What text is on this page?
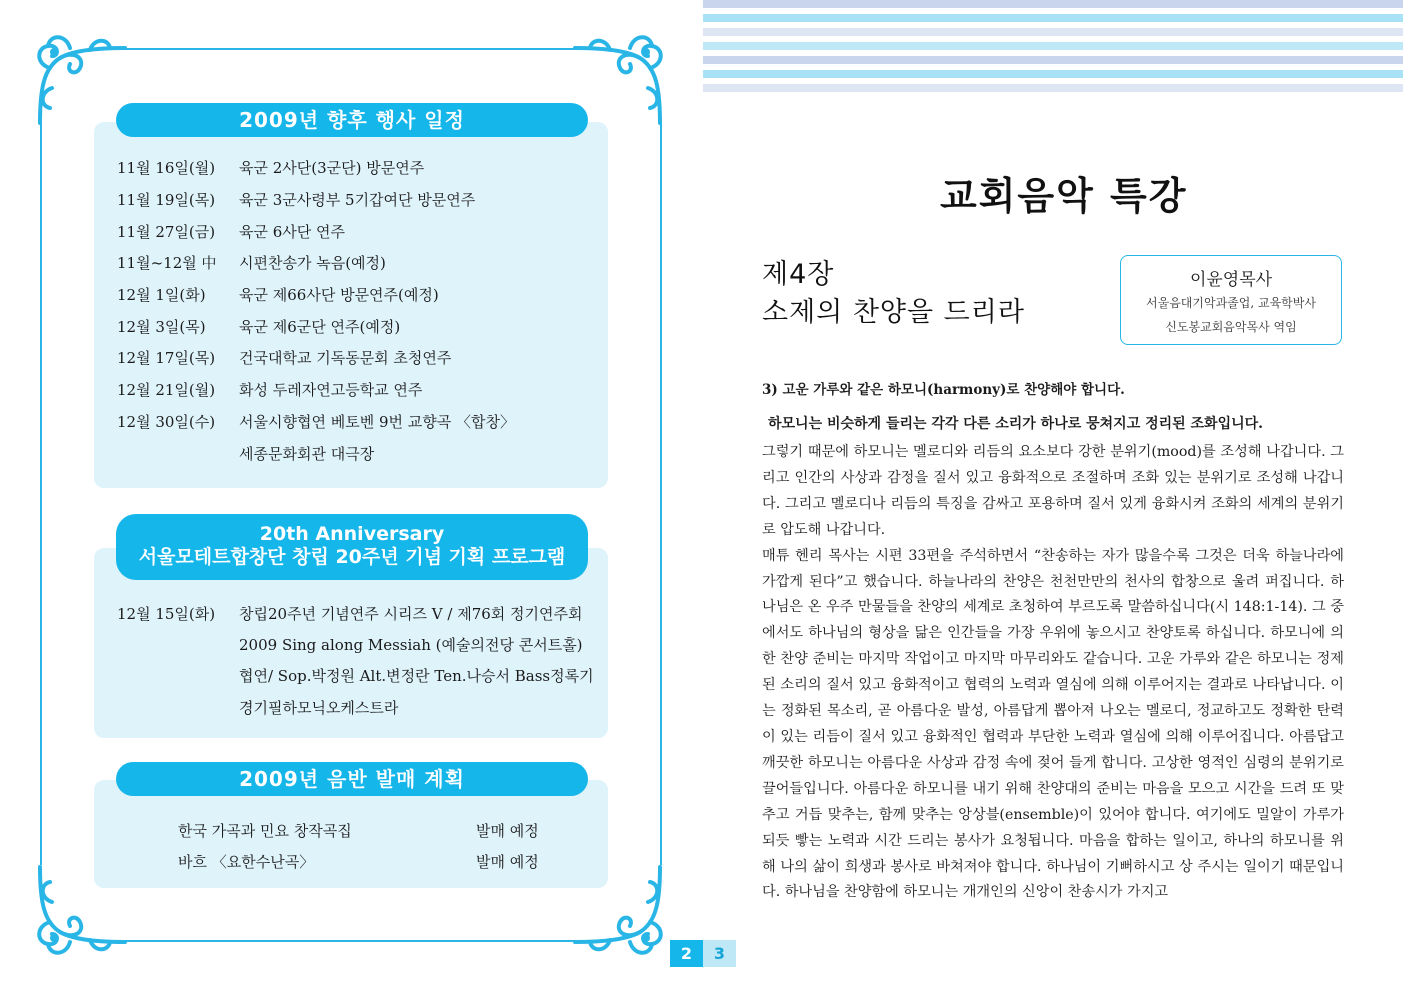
2009년 향후 행사 일정
11월 16일(월)	육군 2사단(3군단) 방문연주
11월 19일(목)	육군 3군사령부 5기갑여단 방문연주
11월 27일(금)	육군 6사단 연주
11월~12월 中	시편찬송가 녹음(예정)
12월 1일(화)	육군 제66사단 방문연주(예정)
12월 3일(목)	육군 제6군단 연주(예정)
12월 17일(목)	건국대학교 기독동문회 초청연주
12월 21일(월)	화성 두레자연고등학교 연주
12월 30일(수)	서울시향협연 베토벤 9번 교향곡 〈합창〉
세종문화회관 대극장
20th Anniversary
서울모테트합창단 창립 20주년 기념 기획 프로그램
12월 15일(화)	창립20주년 기념연주 시리즈 V / 제76회 정기연주회
2009 Sing along Messiah (예술의전당 콘서트홀)
협연/ Sop.박정원 Alt.변정란 Ten.나승서 Bass정록기
경기필하모닉오케스트라
2009년 음반 발매 계획
한국 가곡과 민요 창작곡집	발매 예정
바흐 〈요한수난곡〉	발매 예정
2	3
교회음악 특강
제4장
소제의 찬양을 드리라
이윤영목사
서울음대기악과졸업, 교육학박사
신도봉교회음악목사 역임
3) 고운 가루와 같은 하모니(harmony)로 찬양해야 합니다.
하모니는 비슷하게 들리는 각각 다른 소리가 하나로 뭉쳐지고 정리된 조화입니다.

그렇기 때문에 하모니는 멜로디와 리듬의 요소보다 강한 분위기(mood)를 조성해 나갑니다. 그리고 인간의 사상과 감정을 질서 있고 융화적으로 조절하며 조화 있는 분위기로 조성해 나갑니다. 그리고 멜로디나 리듬의 특징을 감싸고 포용하며 질서 있게 융화시켜 조화의 세계의 분위기로 압도해 나갑니다.

매튜 헨리 목사는 시편 33편을 주석하면서 “찬송하는 자가 많을수록 그것은 더욱 하늘나라에 가깝게 된다”고 했습니다. 하늘나라의 찬양은 천천만만의 천사의 합창으로 울려 퍼집니다. 하나님은 온 우주 만물들을 찬양의 세계로 초청하여 부르도록 말씀하십니다(시 148:1-14). 그 중에서도 하나님의 형상을 닮은 인간들을 가장 우위에 놓으시고 찬양토록 하십니다. 하모니에 의한 찬양 준비는 마지막 작업이고 마지막 마무리와도 같습니다. 고운 가루와 같은 하모니는 정제된 소리의 질서 있고 융화적이고 협력의 노력과 열심에 의해 이루어지는 결과로 나타납니다. 이는 정화된 목소리, 곧 아름다운 발성, 아름답게 뽑아져 나오는 멜로디, 정교하고도 정확한 탄력이 있는 리듬이 질서 있고 융화적인 협력과 부단한 노력과 열심에 의해 이루어집니다. 아름답고 깨끗한 하모니는 아름다운 사상과 감정 속에 젖어 들게 합니다. 고상한 영적인 심령의 분위기로 끌어들입니다. 아름다운 하모니를 내기 위해 찬양대의 준비는 마음을 모으고 시간을 드려 또 맞추고 거듭 맞추는, 함께 맞추는 앙상블(ensemble)이 있어야 합니다. 여기에도 밀알이 가루가 되듯 빻는 노력과 시간 드리는 봉사가 요청됩니다. 마음을 합하는 일이고, 하나의 하모니를 위해 나의 삶이 희생과 봉사로 바쳐져야 합니다. 하나님이 기뻐하시고 상 주시는 일이기 때문입니다. 하나님을 찬양함에 하모니는 개개인의 신앙이 찬송시가 가지고
